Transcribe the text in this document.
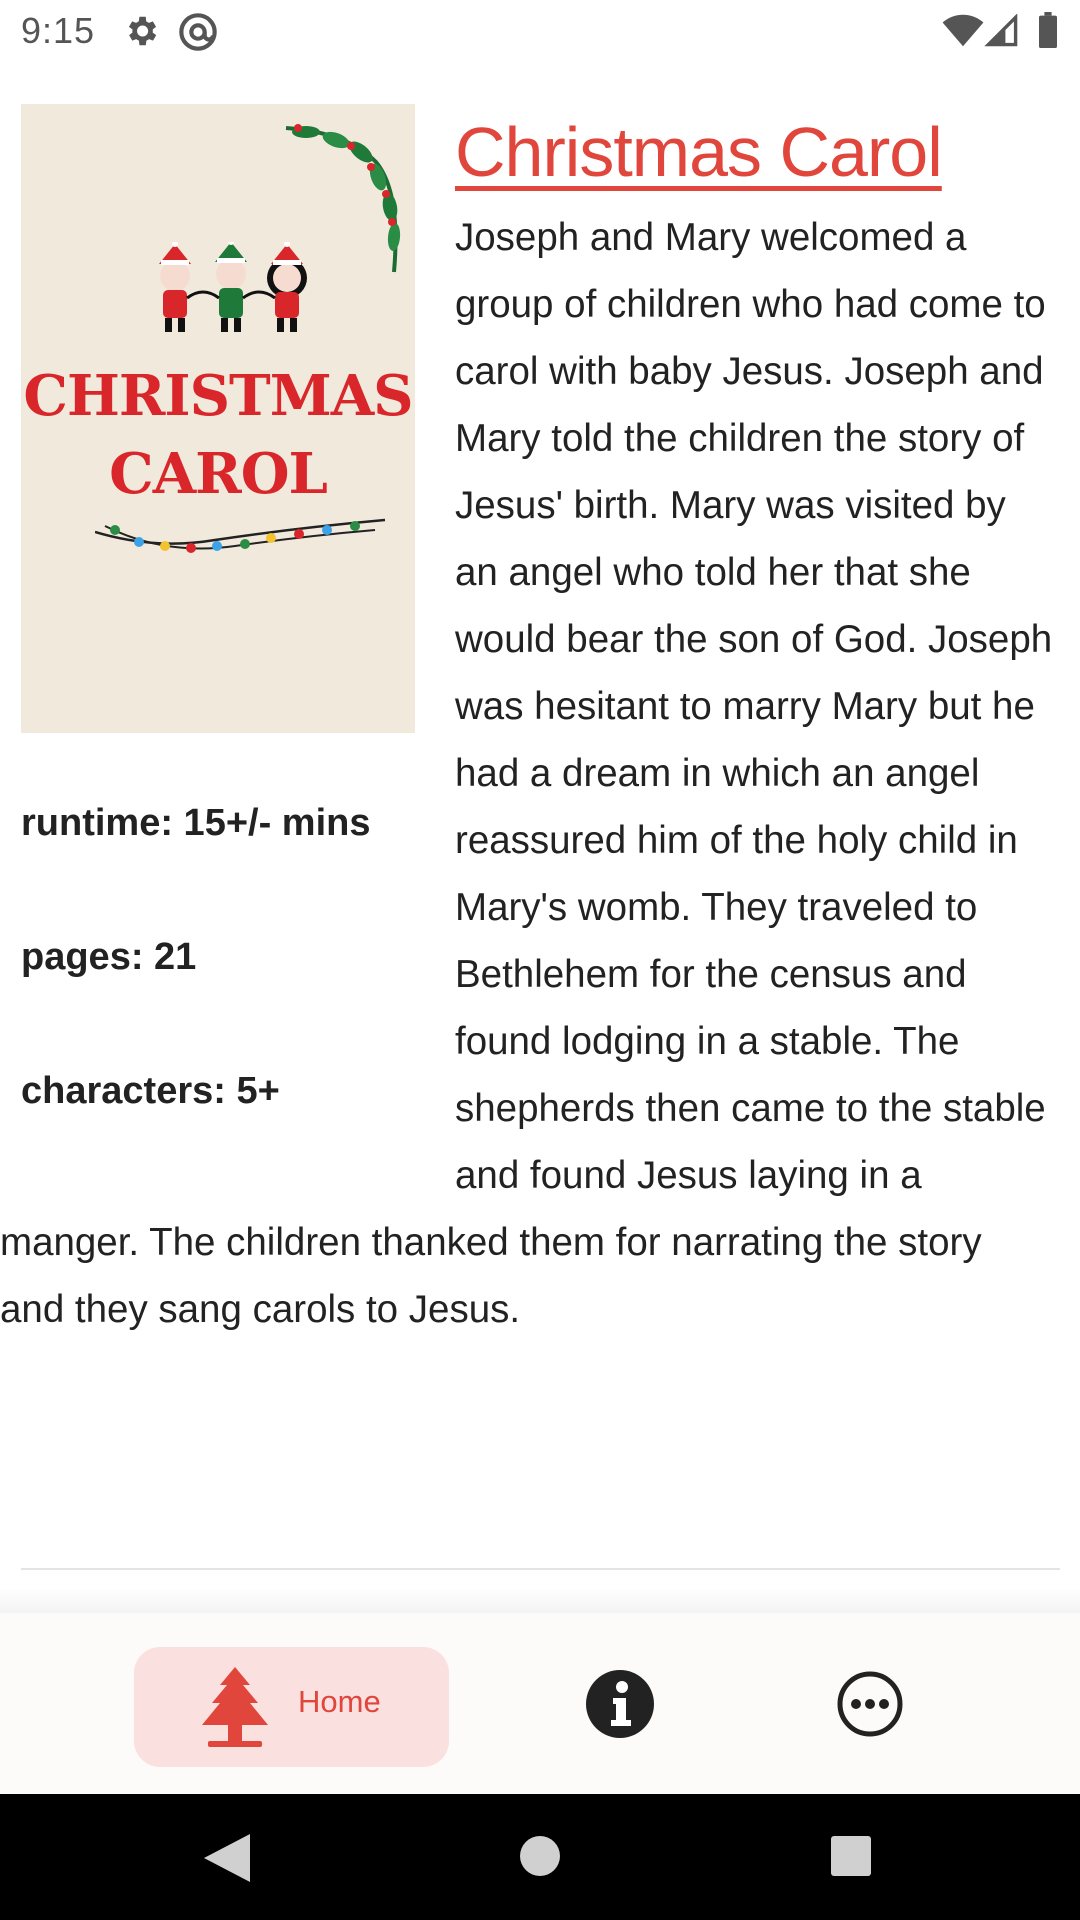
9:15
CHRISTMAS
CAROL
runtime: 15+/- mins
pages: 21
characters: 5+
Christmas Carol

Joseph and Mary welcomed a group of children who had come to carol with baby Jesus. Joseph and Mary told the children the story of Jesus' birth. Mary was visited by an angel who told her that she would bear the son of God. Joseph was hesitant to marry Mary but he had a dream in which an angel reassured him of the holy child in Mary's womb. They traveled to Bethlehem for the census and found lodging in a stable. The shepherds then came to the stable and found Jesus laying in a manger. The children thanked them for narrating the story and they sang carols to Jesus.

Home
